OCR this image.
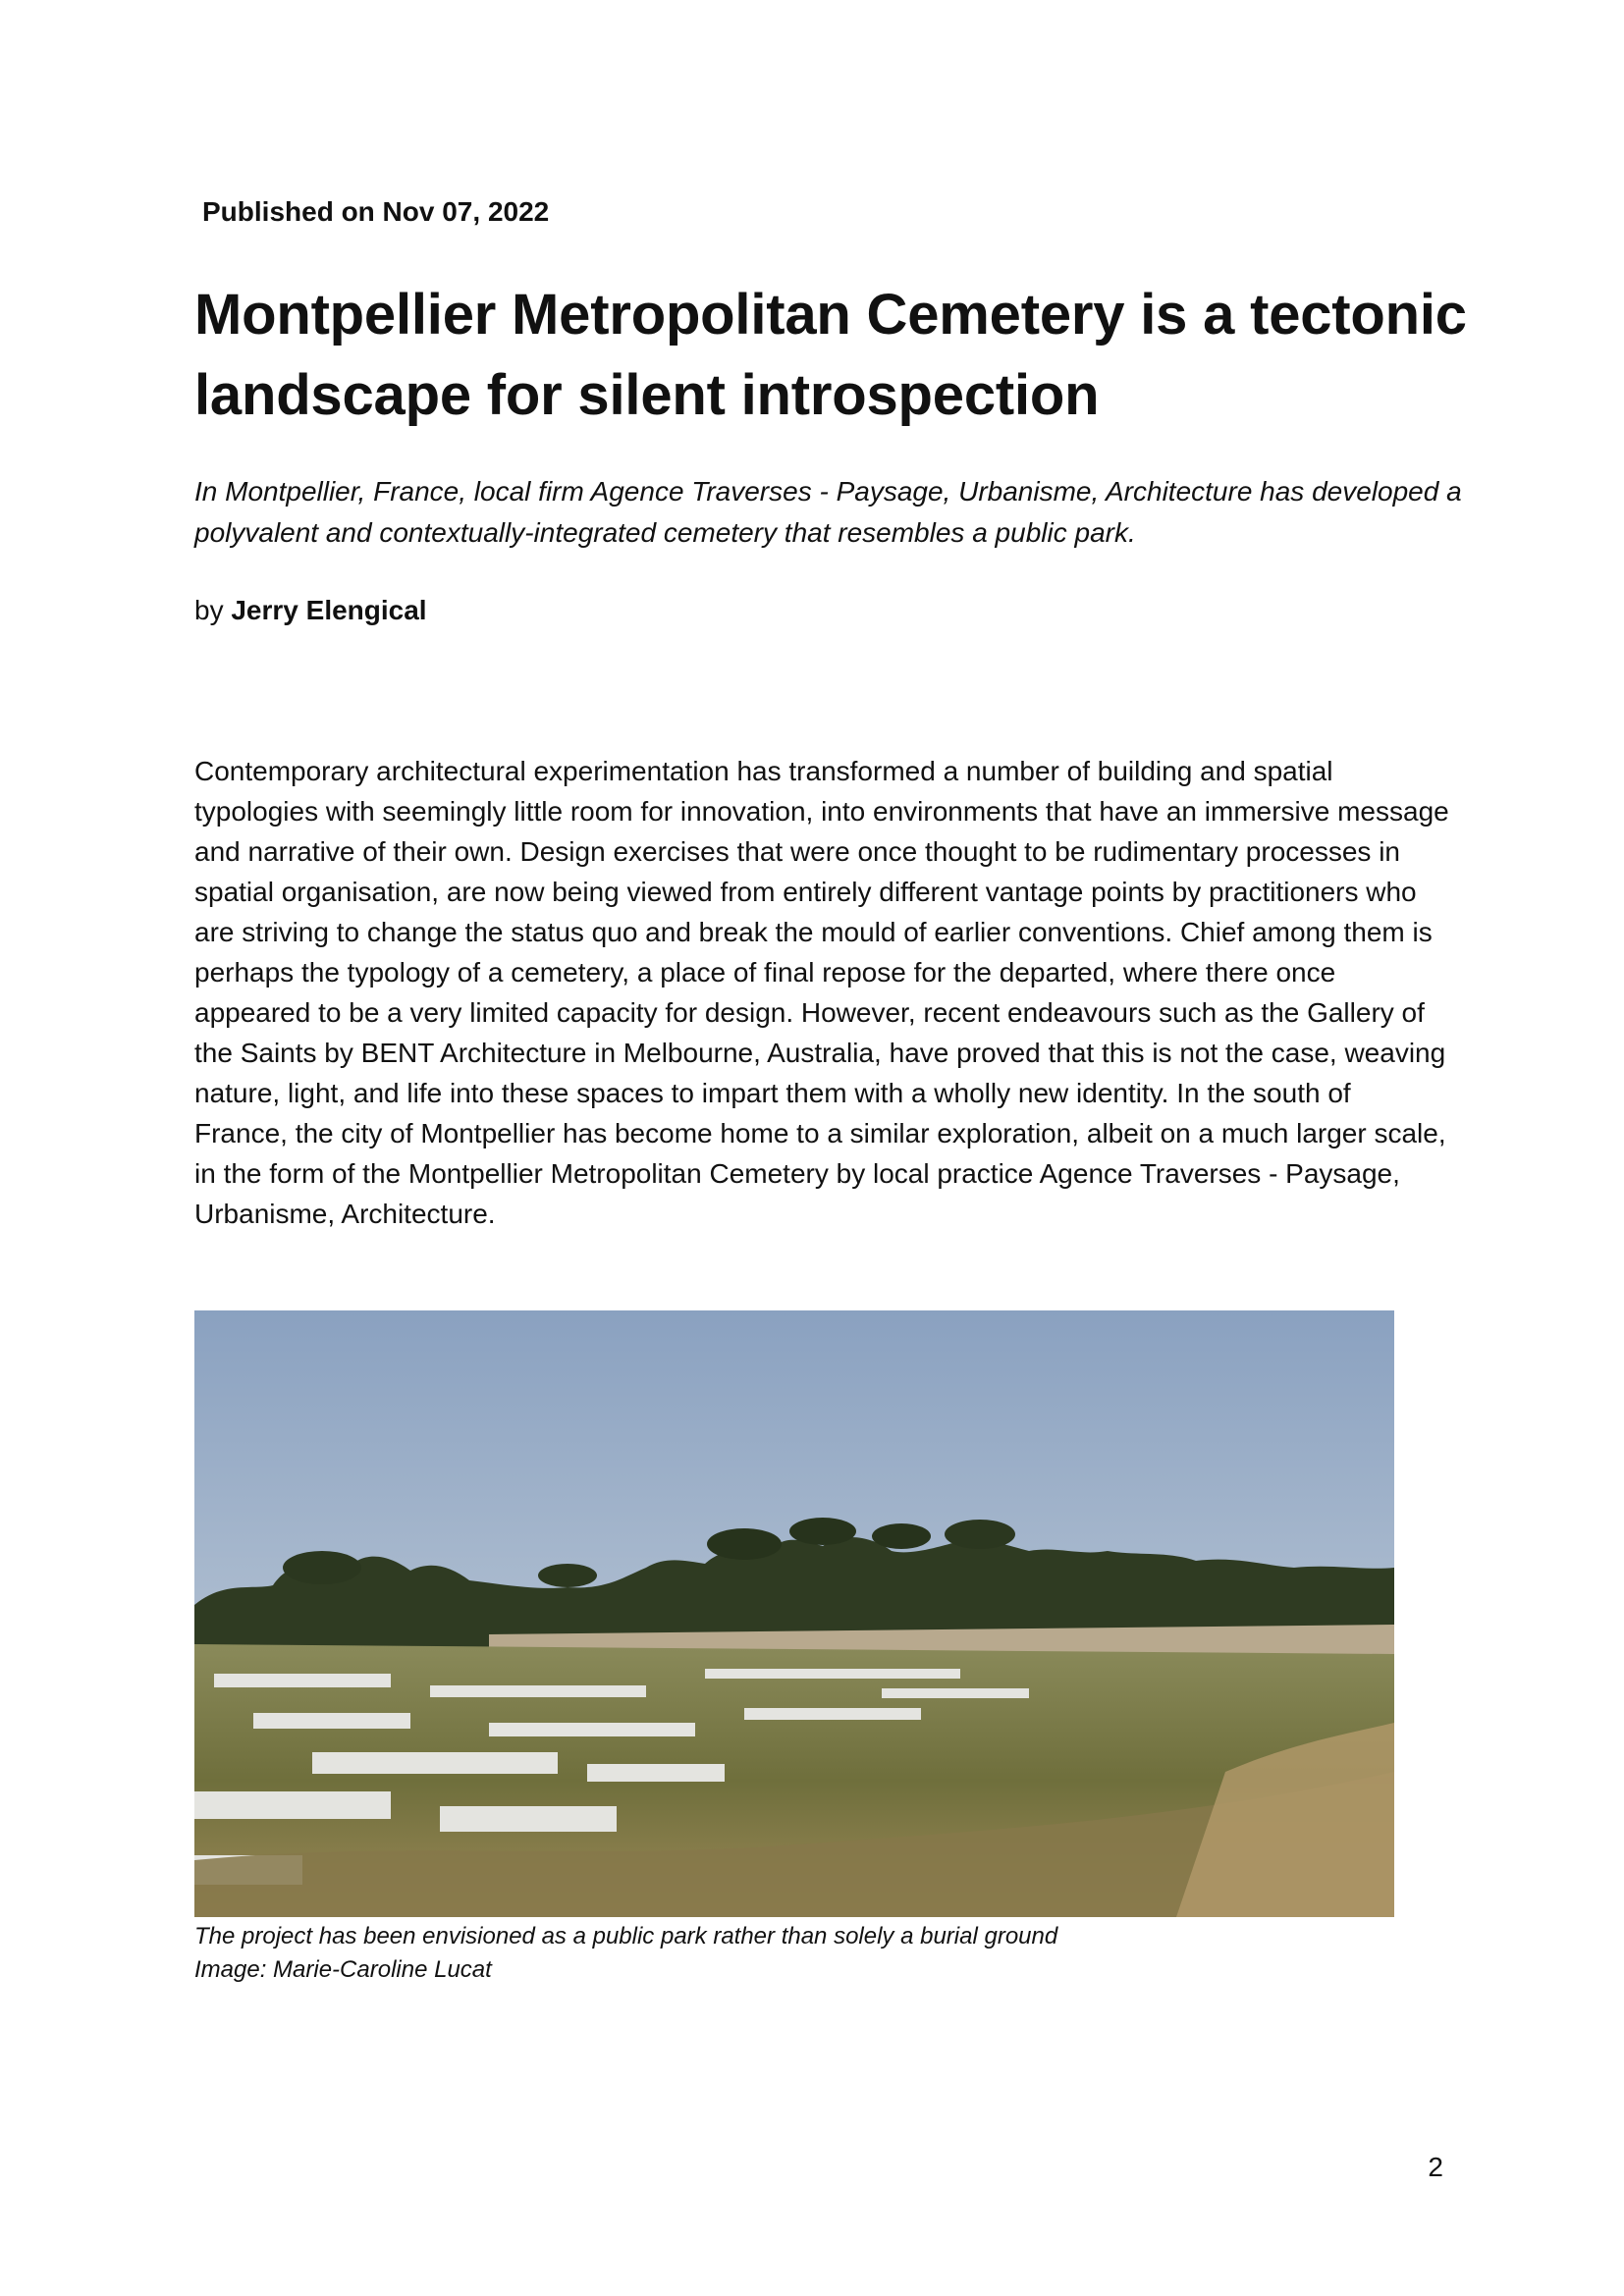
Published on Nov 07, 2022
Montpellier Metropolitan Cemetery is a tectonic landscape for silent introspection

In Montpellier, France, local firm Agence Traverses - Paysage, Urbanisme, Architecture has developed a polyvalent and contextually-integrated cemetery that resembles a public park.

by Jerry Elengical

Contemporary architectural experimentation has transformed a number of building and spatial typologies with seemingly little room for innovation, into environments that have an immersive message and narrative of their own. Design exercises that were once thought to be rudimentary processes in spatial organisation, are now being viewed from entirely different vantage points by practitioners who are striving to change the status quo and break the mould of earlier conventions. Chief among them is perhaps the typology of a cemetery, a place of final repose for the departed, where there once appeared to be a very limited capacity for design. However, recent endeavours such as the Gallery of the Saints by BENT Architecture in Melbourne, Australia, have proved that this is not the case, weaving nature, light, and life into these spaces to impart them with a wholly new identity. In the south of France, the city of Montpellier has become home to a similar exploration, albeit on a much larger scale, in the form of the Montpellier Metropolitan Cemetery by local practice Agence Traverses - Paysage, Urbanisme, Architecture.

The project has been envisioned as a public park rather than solely a burial ground
Image: Marie-Caroline Lucat
2
